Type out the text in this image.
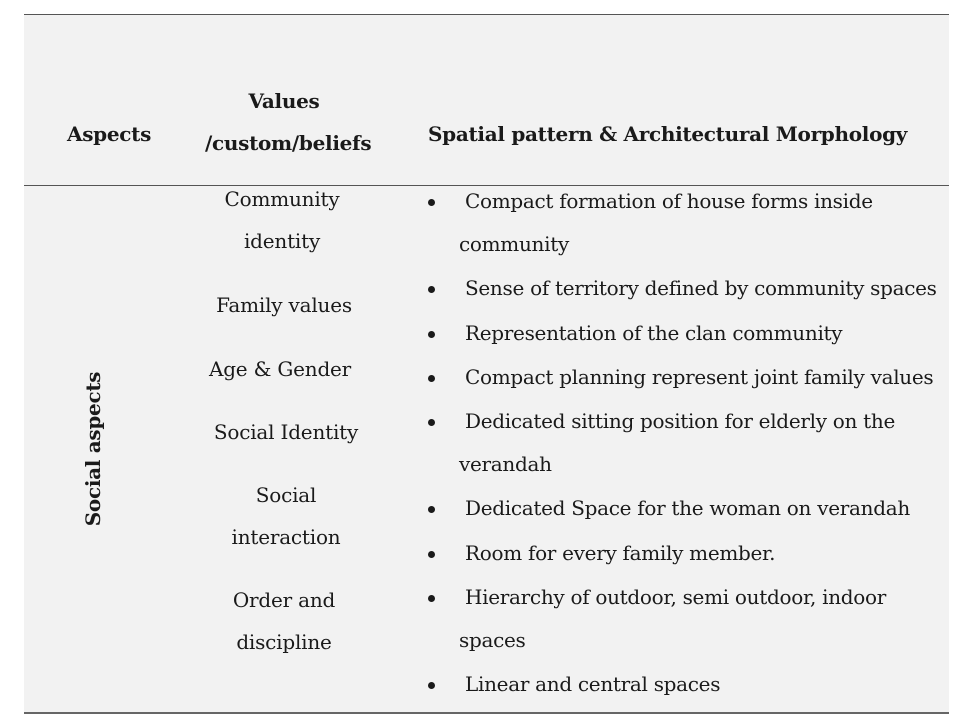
Aspects
Values
/custom/beliefs	Spatial pattern & Architectural Morphology
Social aspects
Community
identity
Family values
Age & Gender
Social Identity
Social
interaction
Order and
discipline
Compact formation of house forms inside
community
Sense of territory defined by community spaces
Representation of the clan community
Compact planning represent joint family values
Dedicated sitting position for elderly on the
verandah
Dedicated Space for the woman on verandah
Room for every family member.
Hierarchy of outdoor, semi outdoor, indoor
spaces
Linear and central spaces
